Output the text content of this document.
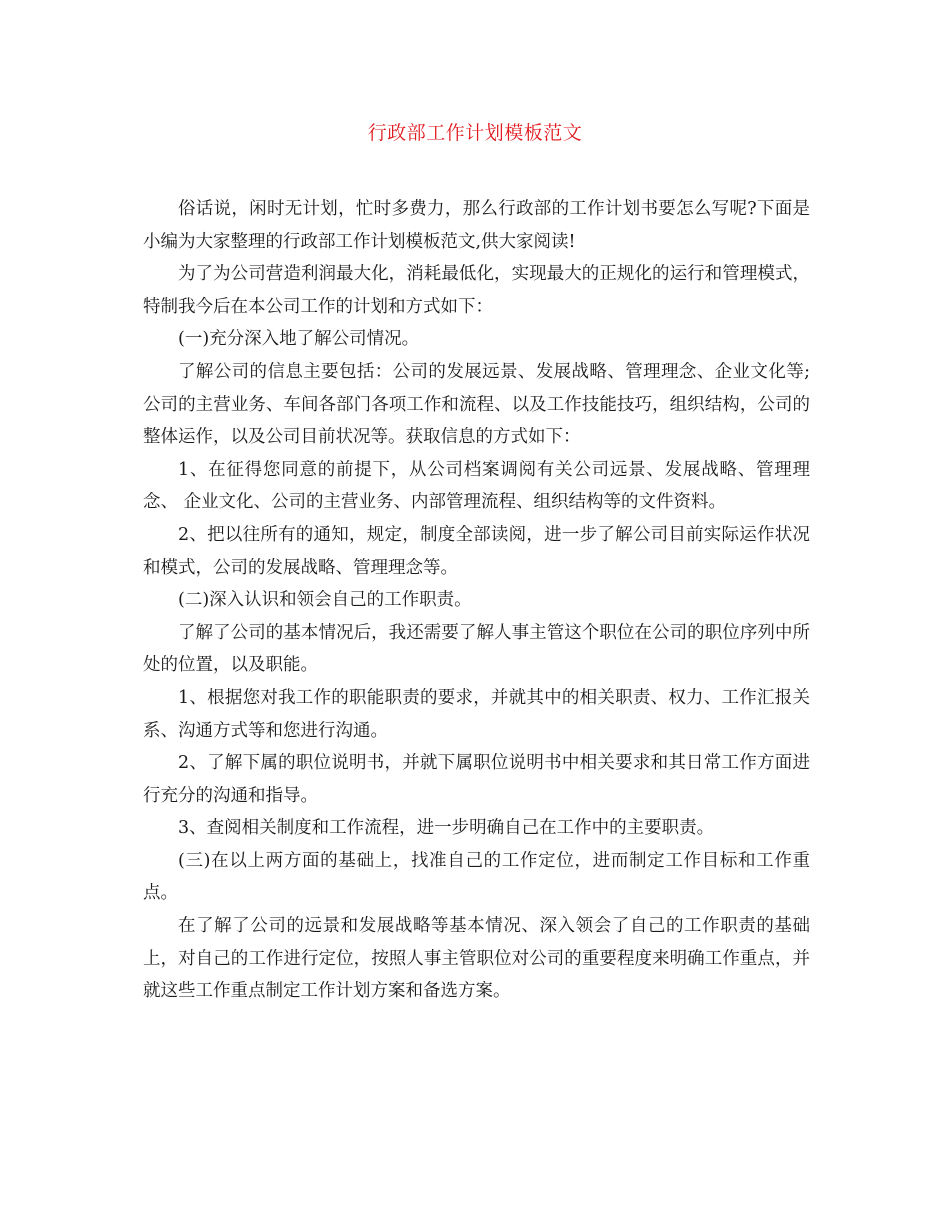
行政部工作计划模板范文

俗话说，闲时无计划，忙时多费力，那么行政部的工作计划书要怎么写呢?下面是小编为大家整理的行政部工作计划模板范文,供大家阅读!

为了为公司营造利润最大化，消耗最低化，实现最大的正规化的运行和管理模式，特制我今后在本公司工作的计划和方式如下：

(一)充分深入地了解公司情况。

了解公司的信息主要包括：公司的发展远景、发展战略、管理理念、企业文化等;公司的主营业务、车间各部门各项工作和流程、以及工作技能技巧，组织结构，公司的整体运作，以及公司目前状况等。获取信息的方式如下：

1、在征得您同意的前提下，从公司档案调阅有关公司远景、发展战略、管理理念、 企业文化、公司的主营业务、内部管理流程、组织结构等的文件资料。

2、把以往所有的通知，规定，制度全部读阅，进一步了解公司目前实际运作状况和模式，公司的发展战略、管理理念等。

(二)深入认识和领会自己的工作职责。

了解了公司的基本情况后，我还需要了解人事主管这个职位在公司的职位序列中所处的位置，以及职能。

1、根据您对我工作的职能职责的要求，并就其中的相关职责、权力、工作汇报关系、沟通方式等和您进行沟通。

2、了解下属的职位说明书，并就下属职位说明书中相关要求和其日常工作方面进行充分的沟通和指导。

3、查阅相关制度和工作流程，进一步明确自己在工作中的主要职责。

(三)在以上两方面的基础上，找准自己的工作定位，进而制定工作目标和工作重点。

在了解了公司的远景和发展战略等基本情况、深入领会了自己的工作职责的基础上，对自己的工作进行定位，按照人事主管职位对公司的重要程度来明确工作重点，并就这些工作重点制定工作计划方案和备选方案。
